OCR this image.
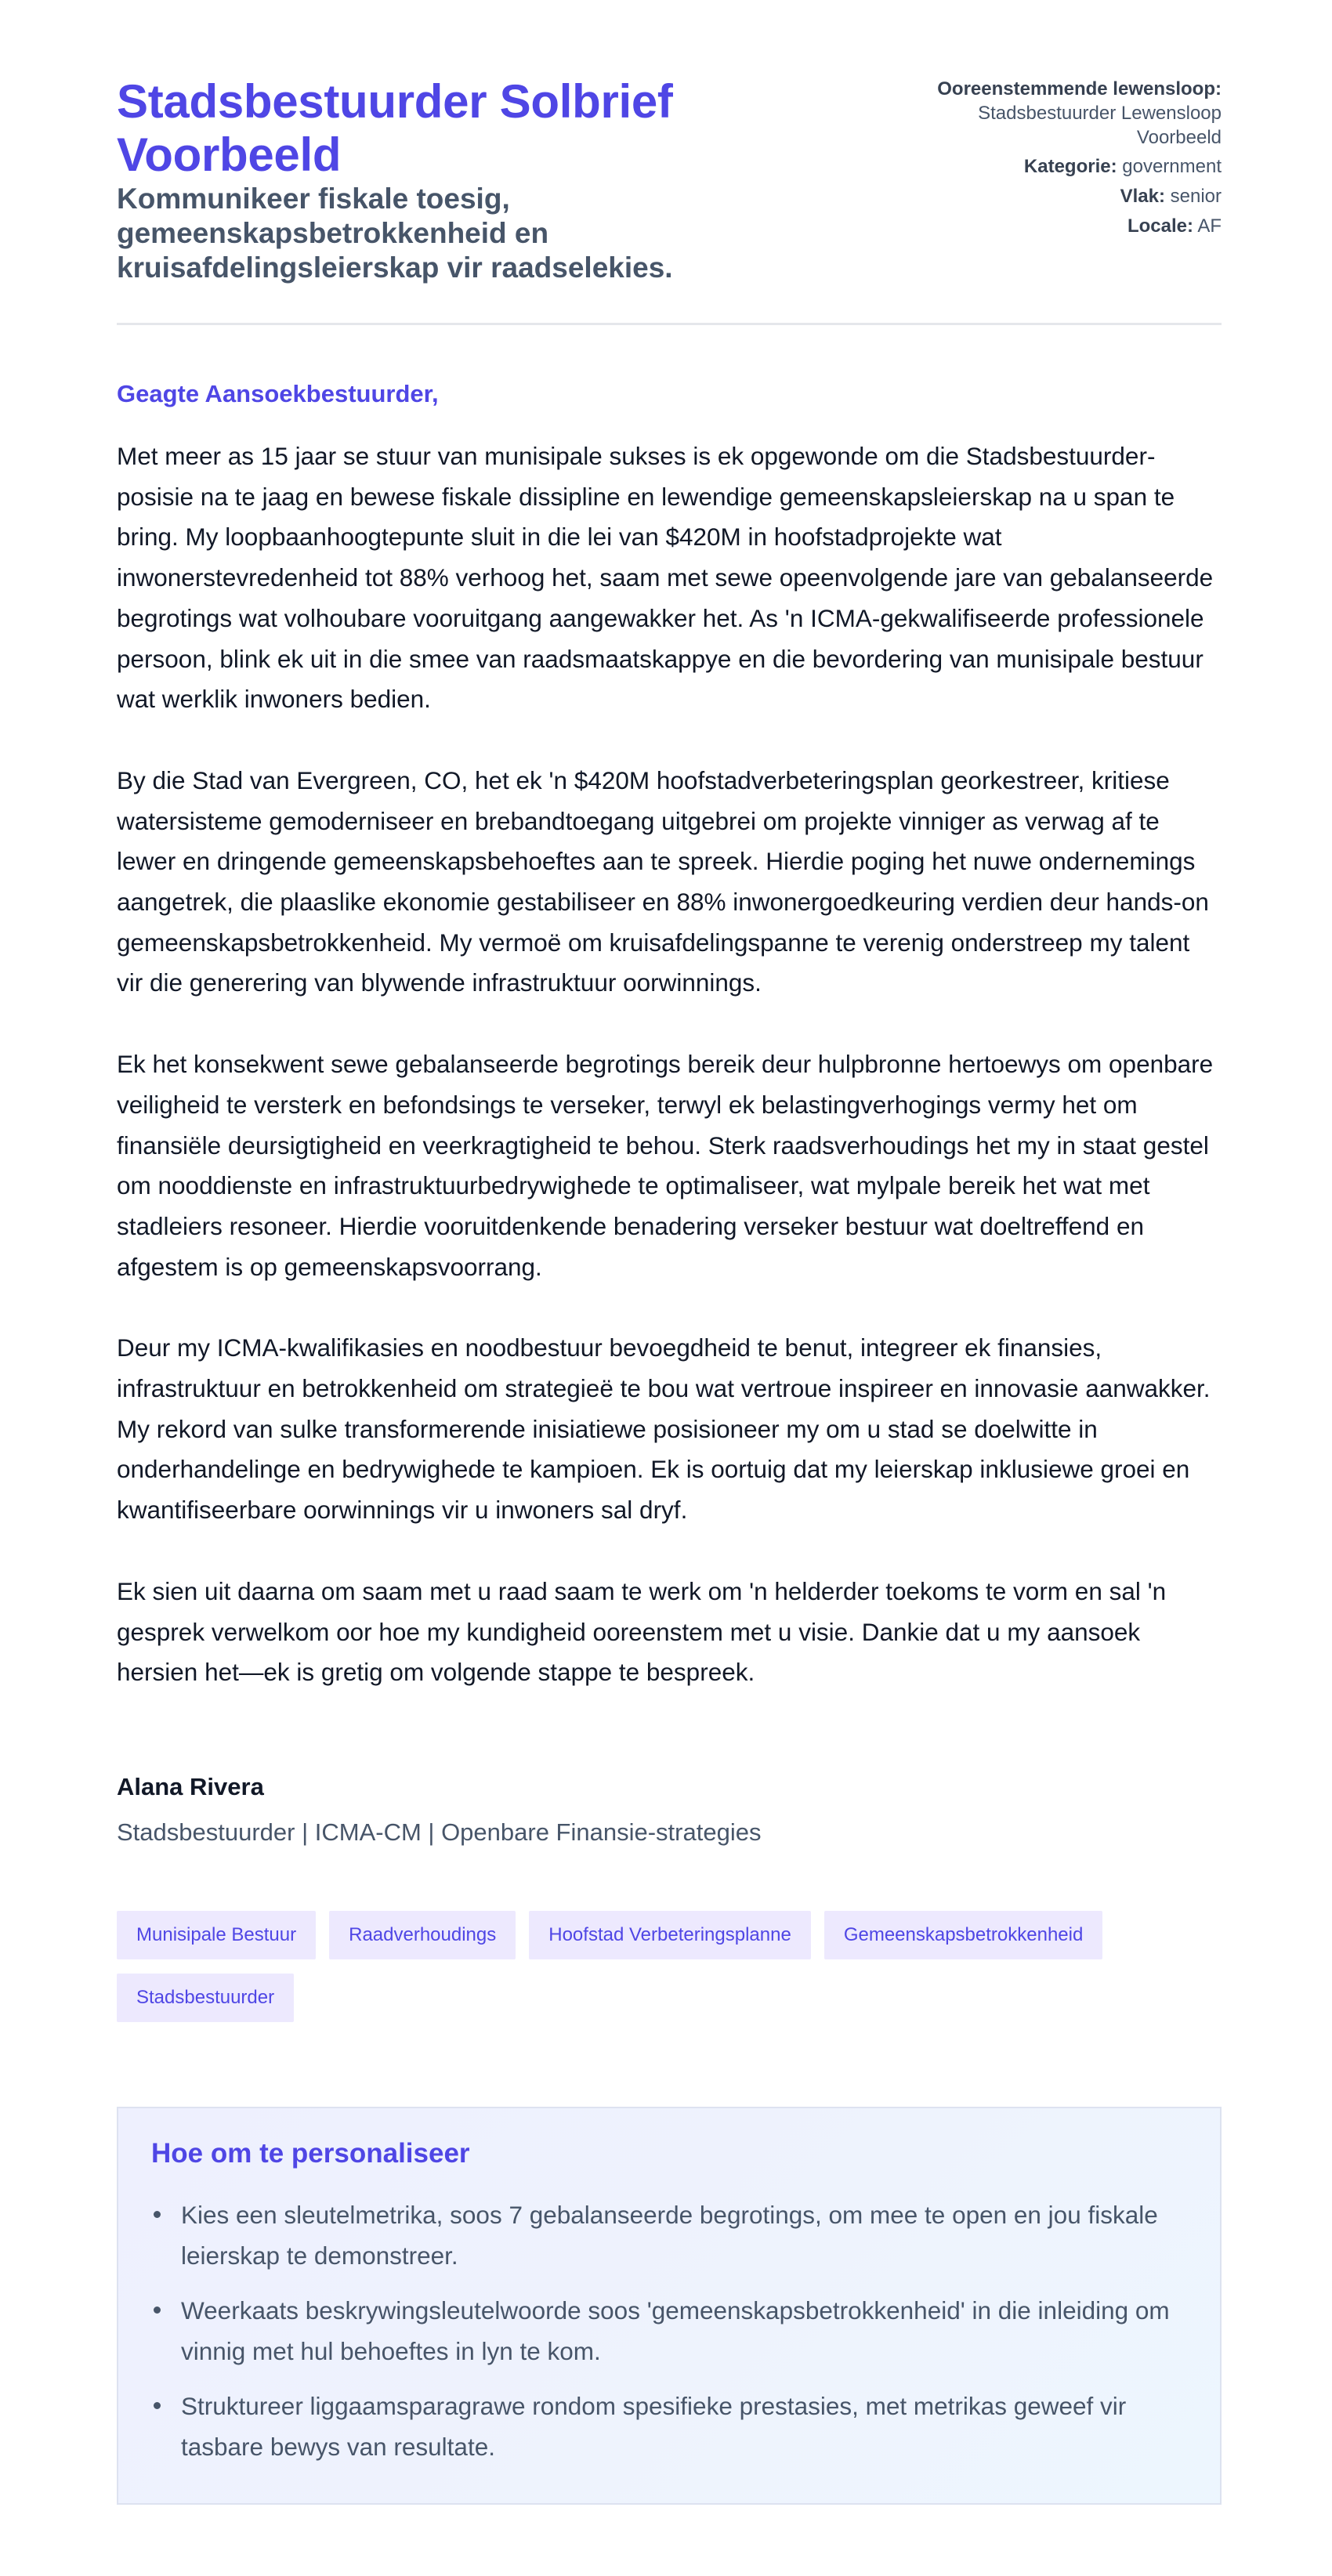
Stadsbestuurder Solbrief Voorbeeld
Kommunikeer fiskale toesig, gemeenskapsbetrokkenheid en kruisafdelingsleierskap vir raadselekies.
Ooreenstemmende lewensloop:
Stadsbestuurder Lewensloop Voorbeeld
Kategorie: government
Vlak: senior
Locale: AF

Geagte Aansoekbestuurder,

Met meer as 15 jaar se stuur van munisipale sukses is ek opgewonde om die Stadsbestuurder-posisie na te jaag en bewese fiskale dissipline en lewendige gemeenskapsleierskap na u span te bring. My loopbaanhoogtepunte sluit in die lei van $420M in hoofstadprojekte wat inwonerstevredenheid tot 88% verhoog het, saam met sewe opeenvolgende jare van gebalanseerde begrotings wat volhoubare vooruitgang aangewakker het. As 'n ICMA-gekwalifiseerde professionele persoon, blink ek uit in die smee van raadsmaatskappye en die bevordering van munisipale bestuur wat werklik inwoners bedien.

By die Stad van Evergreen, CO, het ek 'n $420M hoofstadverbeteringsplan georkestreer, kritiese watersisteme gemoderniseer en brebandtoegang uitgebrei om projekte vinniger as verwag af te lewer en dringende gemeenskapsbehoeftes aan te spreek. Hierdie poging het nuwe ondernemings aangetrek, die plaaslike ekonomie gestabiliseer en 88% inwonergoedkeuring verdien deur hands-on gemeenskapsbetrokkenheid. My vermoë om kruisafdelingspanne te verenig onderstreep my talent vir die generering van blywende infrastruktuur oorwinnings.

Ek het konsekwent sewe gebalanseerde begrotings bereik deur hulpbronne hertoewys om openbare veiligheid te versterk en befondsings te verseker, terwyl ek belastingverhogings vermy het om finansiële deursigtigheid en veerkragtigheid te behou. Sterk raadsverhoudings het my in staat gestel om nooddienste en infrastruktuurbedrywighede te optimaliseer, wat mylpale bereik het wat met stadleiers resoneer. Hierdie vooruitdenkende benadering verseker bestuur wat doeltreffend en afgestem is op gemeenskapsvoorrang.

Deur my ICMA-kwalifikasies en noodbestuur bevoegdheid te benut, integreer ek finansies, infrastruktuur en betrokkenheid om strategieë te bou wat vertroue inspireer en innovasie aanwakker. My rekord van sulke transformerende inisiatiewe posisioneer my om u stad se doelwitte in onderhandelinge en bedrywighede te kampioen. Ek is oortuig dat my leierskap inklusiewe groei en kwantifiseerbare oorwinnings vir u inwoners sal dryf.

Ek sien uit daarna om saam met u raad saam te werk om 'n helderder toekoms te vorm en sal 'n gesprek verwelkom oor hoe my kundigheid ooreenstem met u visie. Dankie dat u my aansoek hersien het—ek is gretig om volgende stappe te bespreek.

Alana Rivera
Stadsbestuurder | ICMA-CM | Openbare Finansie-strategies
Munisipale Bestuur	Raadverhoudings	Hoofstad Verbeteringsplanne	Gemeenskapsbetrokkenheid
Stadsbestuurder
Hoe om te personaliseer
Kies een sleutelmetrika, soos 7 gebalanseerde begrotings, om mee te open en jou fiskale leierskap te demonstreer.
Weerkaats beskrywingsleutelwoorde soos 'gemeenskapsbetrokkenheid' in die inleiding om vinnig met hul behoeftes in lyn te kom.
Struktureer liggaamsparagrawe rondom spesifieke prestasies, met metrikas geweef vir tasbare bewys van resultate.
